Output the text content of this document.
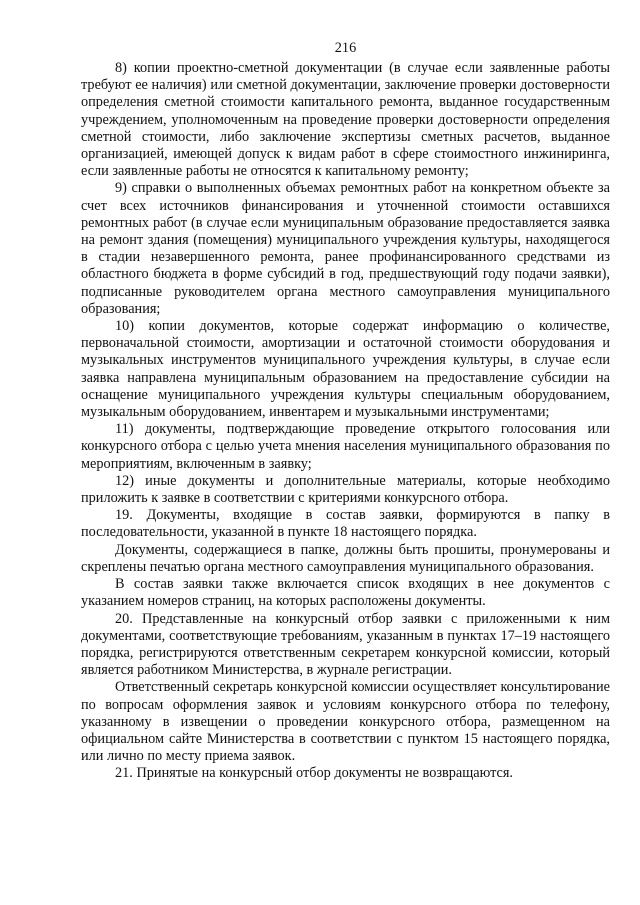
216

8) копии проектно-сметной документации (в случае если заявленные работы требуют ее наличия) или сметной документации, заключение проверки достоверности определения сметной стоимости капитального ремонта, выданное государственным учреждением, уполномоченным на проведение проверки достоверности определения сметной стоимости, либо заключение экспертизы сметных расчетов, выданное организацией, имеющей допуск к видам работ в сфере стоимостного инжиниринга, если заявленные работы не относятся к капитальному ремонту;

9) справки о выполненных объемах ремонтных работ на конкретном объекте за счет всех источников финансирования и уточненной стоимости оставшихся ремонтных работ (в случае если муниципальным образование предоставляется заявка на ремонт здания (помещения) муниципального учреждения культуры, находящегося в стадии незавершенного ремонта, ранее профинансированного средствами из областного бюджета в форме субсидий в год, предшествующий году подачи заявки), подписанные руководителем органа местного самоуправления муниципального образования;

10) копии документов, которые содержат информацию о количестве, первоначальной стоимости, амортизации и остаточной стоимости оборудования и музыкальных инструментов муниципального учреждения культуры, в случае если заявка направлена муниципальным образованием на предоставление субсидии на оснащение муниципального учреждения культуры специальным оборудованием, музыкальным оборудованием, инвентарем и музыкальными инструментами;

11) документы, подтверждающие проведение открытого голосования или конкурсного отбора с целью учета мнения населения муниципального образования по мероприятиям, включенным в заявку;

12) иные документы и дополнительные материалы, которые необходимо приложить к заявке в соответствии с критериями конкурсного отбора.

19. Документы, входящие в состав заявки, формируются в папку в последовательности, указанной в пункте 18 настоящего порядка.

Документы, содержащиеся в папке, должны быть прошиты, пронумерованы и скреплены печатью органа местного самоуправления муниципального образования.

В состав заявки также включается список входящих в нее документов с указанием номеров страниц, на которых расположены документы.

20. Представленные на конкурсный отбор заявки с приложенными к ним документами, соответствующие требованиям, указанным в пунктах 17–19 настоящего порядка, регистрируются ответственным секретарем конкурсной комиссии, который является работником Министерства, в журнале регистрации.

Ответственный секретарь конкурсной комиссии осуществляет консультирование по вопросам оформления заявок и условиям конкурсного отбора по телефону, указанному в извещении о проведении конкурсного отбора, размещенном на официальном сайте Министерства в соответствии с пунктом 15 настоящего порядка, или лично по месту приема заявок.

21. Принятые на конкурсный отбор документы не возвращаются.
